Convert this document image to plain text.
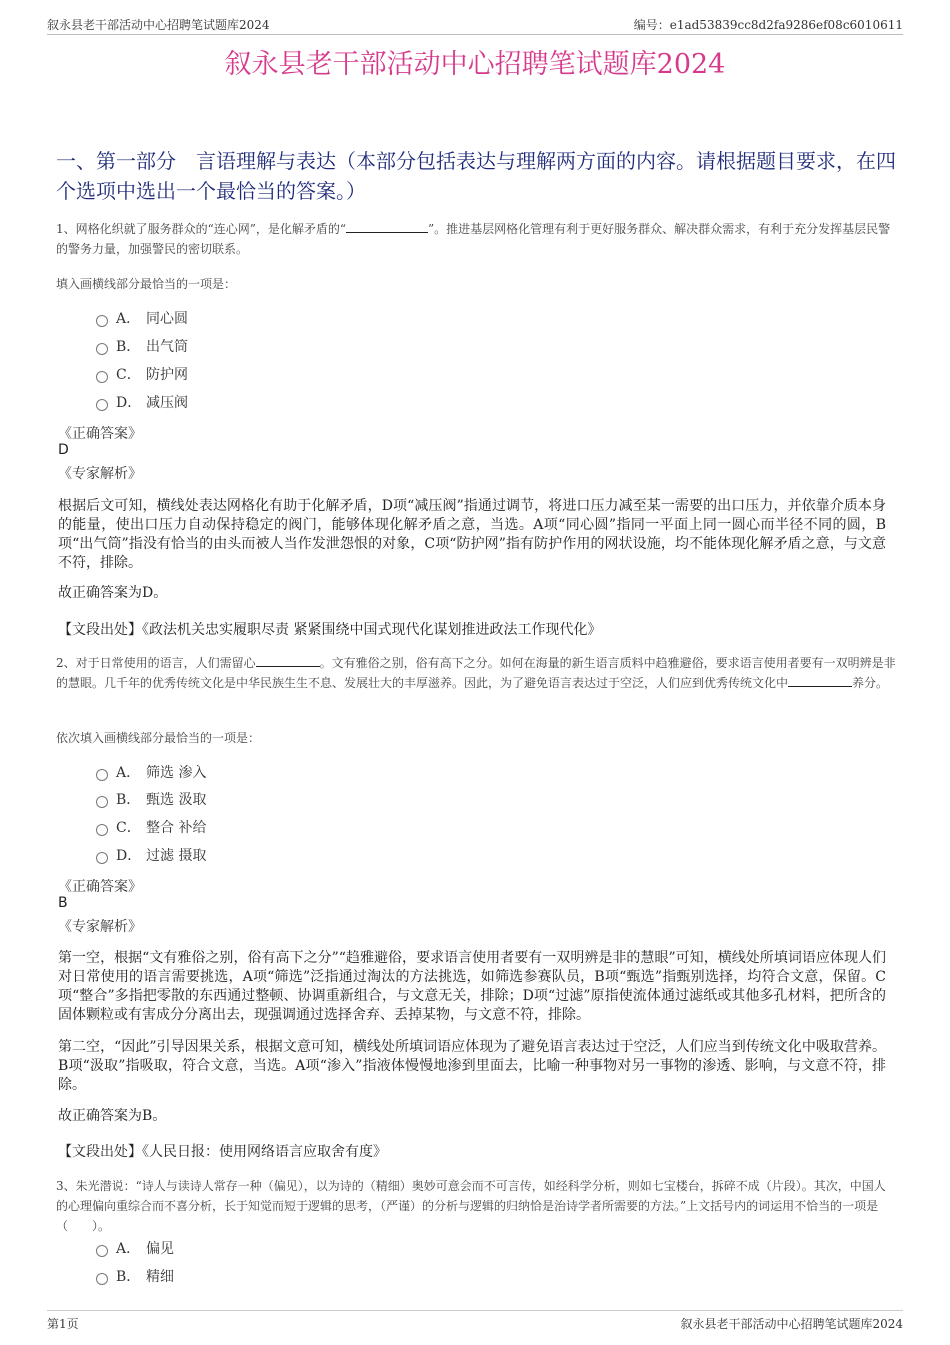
叙永县老干部活动中心招聘笔试题库2024	编号：e1ad53839cc8d2fa9286ef08c6010611
叙永县老干部活动中心招聘笔试题库2024
一、第一部分　言语理解与表达（本部分包括表达与理解两方面的内容。请根据题目要求，在四个选项中选出一个最恰当的答案。）
1、网格化织就了服务群众的“连心网”，是化解矛盾的“	”。推进基层网格化管理有利于更好服务群众、解决群众需求，有利于充分发挥基层民警的警务力量，加强警民的密切联系。
填入画横线部分最恰当的一项是：
A． 同心圆
B． 出气筒
C． 防护网
D． 减压阀
《正确答案》
D
《专家解析》
根据后文可知，横线处表达网格化有助于化解矛盾，D项“减压阀”指通过调节，将进口压力减至某一需要的出口压力，并依靠介质本身的能量，使出口压力自动保持稳定的阀门，能够体现化解矛盾之意，当选。A项“同心圆”指同一平面上同一圆心而半径不同的圆，B项“出气筒”指没有恰当的由头而被人当作发泄怨恨的对象，C项“防护网”指有防护作用的网状设施，均不能体现化解矛盾之意，与文意不符，排除。
故正确答案为D。
【文段出处】《政法机关忠实履职尽责 紧紧围绕中国式现代化谋划推进政法工作现代化》
2、对于日常使用的语言，人们需留心	。文有雅俗之别，俗有高下之分。如何在海量的新生语言质料中趋雅避俗，要求语言使用者要有一双明辨是非的慧眼。几千年的优秀传统文化是中华民族生生不息、发展壮大的丰厚滋养。因此，为了避免语言表达过于空泛，人们应到优秀传统文化中	养分。
依次填入画横线部分最恰当的一项是：
A． 筛选 渗入
B． 甄选 汲取
C． 整合 补给
D． 过滤 摄取
《正确答案》
B
《专家解析》
第一空，根据“文有雅俗之别，俗有高下之分”“趋雅避俗，要求语言使用者要有一双明辨是非的慧眼”可知，横线处所填词语应体现人们对日常使用的语言需要挑选，A项“筛选”泛指通过淘汰的方法挑选，如筛选参赛队员，B项“甄选”指甄别选择，均符合文意，保留。C项“整合”多指把零散的东西通过整顿、协调重新组合，与文意无关，排除；D项“过滤”原指使流体通过滤纸或其他多孔材料，把所含的固体颗粒或有害成分分离出去，现强调通过选择舍弃、丢掉某物，与文意不符，排除。
第二空，“因此”引导因果关系，根据文意可知，横线处所填词语应体现为了避免语言表达过于空泛，人们应当到传统文化中吸取营养。B项“汲取”指吸取，符合文意，当选。A项“渗入”指液体慢慢地渗到里面去，比喻一种事物对另一事物的渗透、影响，与文意不符，排除。
故正确答案为B。
【文段出处】《人民日报：使用网络语言应取舍有度》
3、朱光潜说：“诗人与读诗人常存一种（偏见），以为诗的（精细）奥妙可意会而不可言传，如经科学分析，则如七宝楼台，拆碎不成（片段）。其次，中国人的心理偏向重综合而不喜分析，长于知觉而短于逻辑的思考，（严谨）的分析与逻辑的归纳恰是治诗学者所需要的方法。”上文括号内的词运用不恰当的一项是（　　）。
A． 偏见
B． 精细
第1页	叙永县老干部活动中心招聘笔试题库2024
